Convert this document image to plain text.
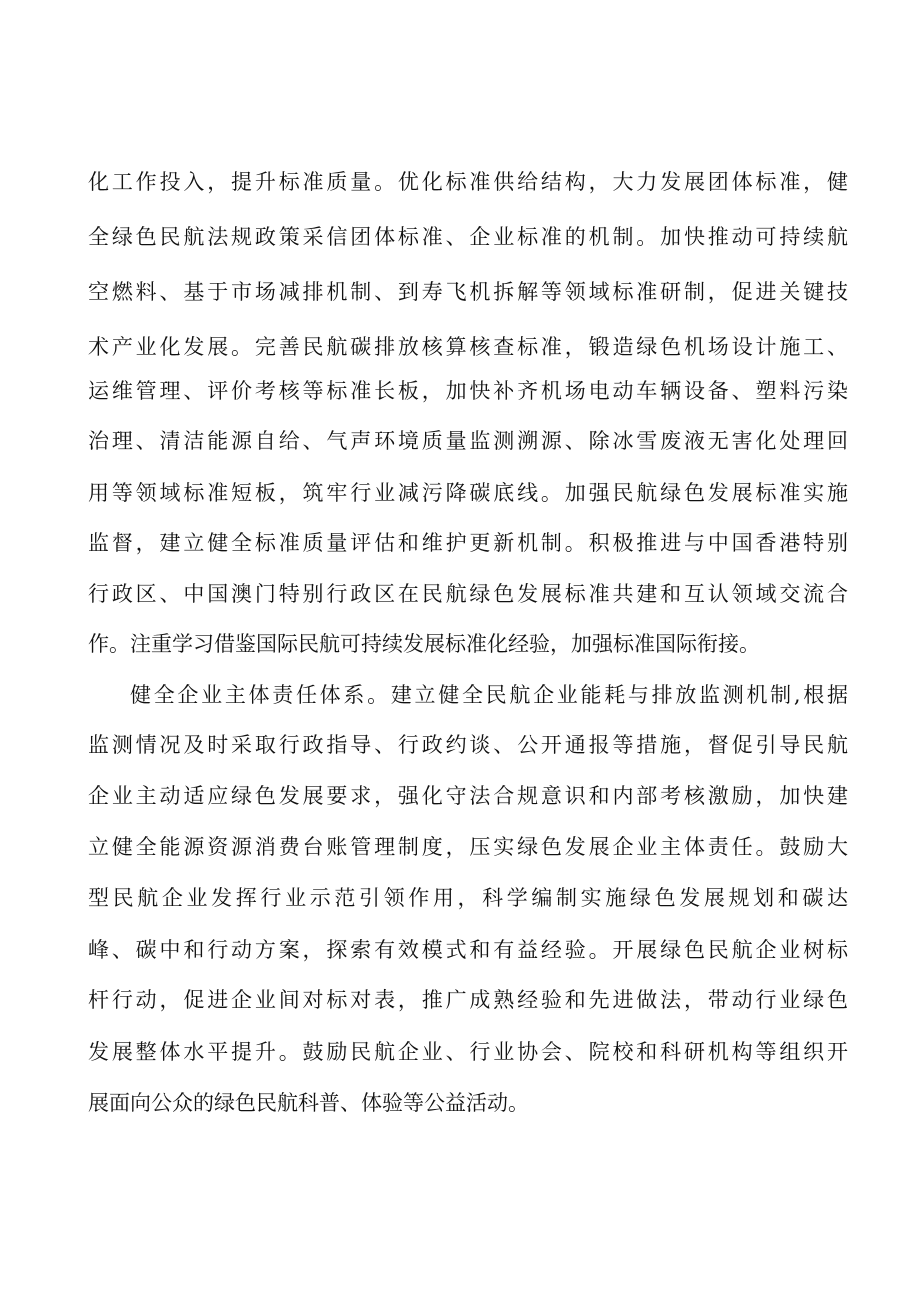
化工作投入，提升标准质量。优化标准供给结构，大力发展团体标准，健

全绿色民航法规政策采信团体标准、企业标准的机制。加快推动可持续航

空燃料、基于市场减排机制、到寿飞机拆解等领域标准研制，促进关键技

术产业化发展。完善民航碳排放核算核查标准，锻造绿色机场设计施工、

运维管理、评价考核等标准长板，加快补齐机场电动车辆设备、塑料污染

治理、清洁能源自给、气声环境质量监测溯源、除冰雪废液无害化处理回

用等领域标准短板，筑牢行业减污降碳底线。加强民航绿色发展标准实施

监督，建立健全标准质量评估和维护更新机制。积极推进与中国香港特别

行政区、中国澳门特别行政区在民航绿色发展标准共建和互认领域交流合

作。注重学习借鉴国际民航可持续发展标准化经验，加强标准国际衔接。

健全企业主体责任体系。建立健全民航企业能耗与排放监测机制,根据

监测情况及时采取行政指导、行政约谈、公开通报等措施，督促引导民航

企业主动适应绿色发展要求，强化守法合规意识和内部考核激励，加快建

立健全能源资源消费台账管理制度，压实绿色发展企业主体责任。鼓励大

型民航企业发挥行业示范引领作用，科学编制实施绿色发展规划和碳达

峰、碳中和行动方案，探索有效模式和有益经验。开展绿色民航企业树标

杆行动，促进企业间对标对表，推广成熟经验和先进做法，带动行业绿色

发展整体水平提升。鼓励民航企业、行业协会、院校和科研机构等组织开

展面向公众的绿色民航科普、体验等公益活动。
